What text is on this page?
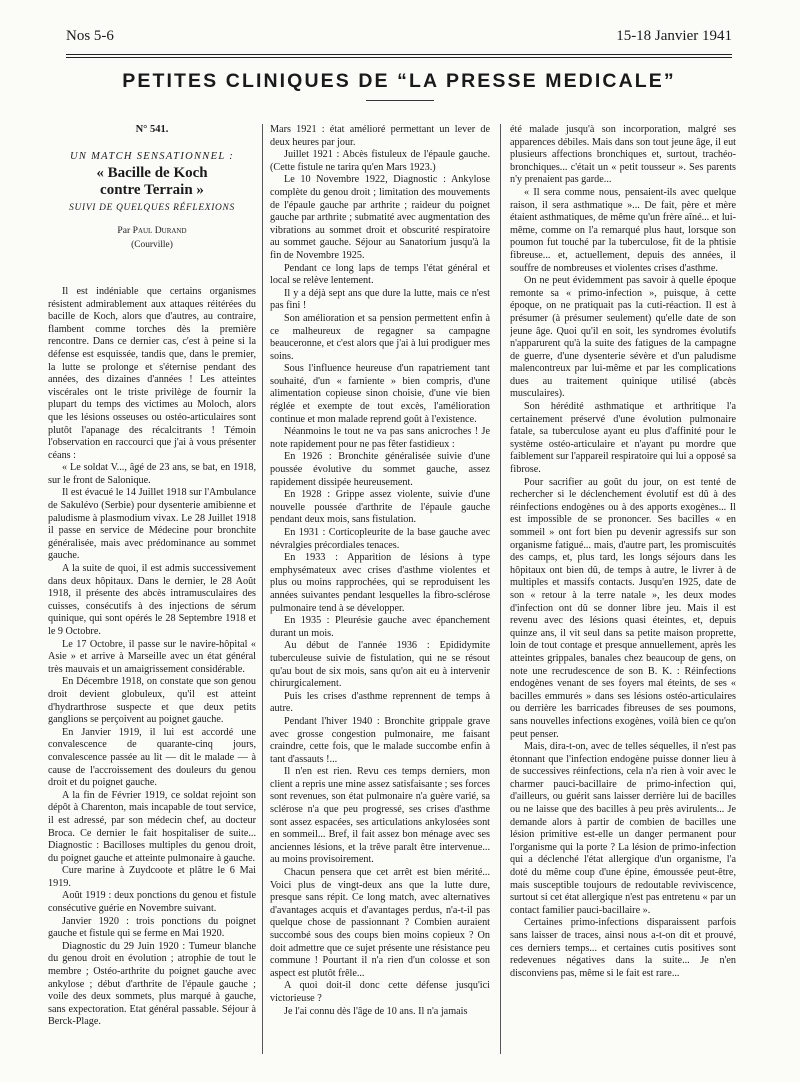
Nos 5-6	15-18 Janvier 1941
PETITES CLINIQUES DE “LA PRESSE MEDICALE”
N° 541.
UN MATCH SENSATIONNEL :
« Bacille de Koch
contre Terrain »
SUIVI DE QUELQUES RÉFLEXIONS
Par Paul Durand
(Courville)

Il est indéniable que certains organismes résistent admirablement aux attaques réitérées du bacille de Koch, alors que d'autres, au contraire, flambent comme torches dès la première rencontre. Dans ce dernier cas, c'est à peine si la défense est esquissée, tandis que, dans le premier, la lutte se prolonge et s'éternise pendant des années, des dizaines d'années ! Les atteintes viscérales ont le triste privilège de fournir la plupart du temps des victimes au Moloch, alors que les lésions osseuses ou ostéo-articulaires sont plutôt l'apanage des récalcitrants ! Témoin l'observation en raccourci que j'ai à vous présenter céans :

« Le soldat V..., âgé de 23 ans, se bat, en 1918, sur le front de Salonique.

Il est évacué le 14 Juillet 1918 sur l'Ambulance de Sakulévo (Serbie) pour dysenterie amibienne et paludisme à plasmodium vivax. Le 28 Juillet 1918 il passe en service de Médecine pour bronchite généralisée, mais avec prédominance au sommet gauche.

A la suite de quoi, il est admis successivement dans deux hôpitaux. Dans le dernier, le 28 Août 1918, il présente des abcès intramusculaires des cuisses, consécutifs à des injections de sérum quinique, qui sont opérés le 28 Septembre 1918 et le 9 Octobre.

Le 17 Octobre, il passe sur le navire-hôpital « Asie » et arrive à Marseille avec un état général très mauvais et un amaigrissement considérable.

En Décembre 1918, on constate que son genou droit devient globuleux, qu'il est atteint d'hydrarthrose suspecte et que deux petits ganglions se perçoivent au poignet gauche.

En Janvier 1919, il lui est accordé une convalescence de quarante-cinq jours, convalescence passée au lit — dit le malade — à cause de l'accroissement des douleurs du genou droit et du poignet gauche.

A la fin de Février 1919, ce soldat rejoint son dépôt à Charenton, mais incapable de tout service, il est adressé, par son médecin chef, au docteur Broca. Ce dernier le fait hospitaliser de suite... Diagnostic : Bacilloses multiples du genou droit, du poignet gauche et atteinte pulmonaire à gauche.

Cure marine à Zuydcoote et plâtre le 6 Mai 1919.

Août 1919 : deux ponctions du genou et fistule consécutive guérie en Novembre suivant.

Janvier 1920 : trois ponctions du poignet gauche et fistule qui se ferme en Mai 1920.

Diagnostic du 29 Juin 1920 : Tumeur blanche du genou droit en évolution ; atrophie de tout le membre ; Ostéo-arthrite du poignet gauche avec ankylose ; début d'arthrite de l'épaule gauche ; voile des deux sommets, plus marqué à gauche, sans expectoration. Etat général passable. Séjour à Berck-Plage.

Mars 1921 : état amélioré permettant un lever de deux heures par jour.

Juillet 1921 : Abcès fistuleux de l'épaule gauche. (Cette fistule ne tarira qu'en Mars 1923.)

Le 10 Novembre 1922, Diagnostic : Ankylose complète du genou droit ; limitation des mouvements de l'épaule gauche par arthrite ; raideur du poignet gauche par arthrite ; submatité avec augmentation des vibrations au sommet droit et obscurité respiratoire au sommet gauche. Séjour au Sanatorium jusqu'à la fin de Novembre 1925.

Pendant ce long laps de temps l'état général et local se relève lentement.

Il y a déjà sept ans que dure la lutte, mais ce n'est pas fini !

Son amélioration et sa pension permettent enfin à ce malheureux de regagner sa campagne beauceronne, et c'est alors que j'ai à lui prodiguer mes soins.

Sous l'influence heureuse d'un rapatriement tant souhaité, d'un « farniente » bien compris, d'une alimentation copieuse sinon choisie, d'une vie bien réglée et exempte de tout excès, l'amélioration continue et mon malade reprend goût à l'existence.

Néanmoins le tout ne va pas sans anicroches ! Je note rapidement pour ne pas fêter fastidieux :

En 1926 : Bronchite généralisée suivie d'une poussée évolutive du sommet gauche, assez rapidement dissipée heureusement.

En 1928 : Grippe assez violente, suivie d'une nouvelle poussée d'arthrite de l'épaule gauche pendant deux mois, sans fistulation.

En 1931 : Corticopleurite de la base gauche avec névralgies précordiales tenaces.

En 1933 : Apparition de lésions à type emphysémateux avec crises d'asthme violentes et plus ou moins rapprochées, qui se reproduisent les années suivantes pendant lesquelles la fibro-sclérose pulmonaire tend à se développer.

En 1935 : Pleurésie gauche avec épanchement durant un mois.

Au début de l'année 1936 : Epididymite tuberculeuse suivie de fistulation, qui ne se résout qu'au bout de six mois, sans qu'on ait eu à intervenir chirurgicalement.

Puis les crises d'asthme reprennent de temps à autre.

Pendant l'hiver 1940 : Bronchite grippale grave avec grosse congestion pulmonaire, me faisant craindre, cette fois, que le malade succombe enfin à tant d'assauts !...

Il n'en est rien. Revu ces temps derniers, mon client a repris une mine assez satisfaisante ; ses forces sont revenues, son état pulmonaire n'a guère varié, sa sclérose n'a que peu progressé, ses crises d'asthme sont assez espacées, ses articulations ankylosées sont en sommeil... Bref, il fait assez bon ménage avec ses anciennes lésions, et la trêve paralt être intervenue... au moins provisoirement.

Chacun pensera que cet arrêt est bien mérité... Voici plus de vingt-deux ans que la lutte dure, presque sans répit. Ce long match, avec alternatives d'avantages acquis et d'avantages perdus, n'a-t-il pas quelque chose de passionnant ? Combien auraient succombé sous des coups bien moins copieux ? On doit admettre que ce sujet présente une résistance peu commune ! Pourtant il n'a rien d'un colosse et son aspect est plutôt frêle...

A quoi doit-il donc cette défense jusqu'ici victorieuse ?

Je l'ai connu dès l'âge de 10 ans. Il n'a jamais

été malade jusqu'à son incorporation, malgré ses apparences débiles. Mais dans son tout jeune âge, il eut plusieurs affections bronchiques et, surtout, trachéo-bronchiques... c'était un « petit tousseur ». Ses parents n'y prenaient pas garde...

« Il sera comme nous, pensaient-ils avec quelque raison, il sera asthmatique »... De fait, père et mère étaient asthmatiques, de même qu'un frère aîné... et lui-même, comme on l'a remarqué plus haut, lorsque son poumon fut touché par la tuberculose, fit de la phtisie fibreuse... et, actuellement, depuis des années, il souffre de nombreuses et violentes crises d'asthme.

On ne peut évidemment pas savoir à quelle époque remonte sa « primo-infection », puisque, à cette époque, on ne pratiquait pas la cuti-réaction. Il est à présumer (à présumer seulement) qu'elle date de son jeune âge. Quoi qu'il en soit, les syndromes évolutifs n'apparurent qu'à la suite des fatigues de la campagne de guerre, d'une dysenterie sévère et d'un paludisme malencontreux par lui-même et par les complications dues au traitement quinique utilisé (abcès musculaires).

Son hérédité asthmatique et arthritique l'a certainement préservé d'une évolution pulmonaire fatale, sa tuberculose ayant eu plus d'affinité pour le système ostéo-articulaire et n'ayant pu mordre que faiblement sur l'appareil respiratoire qui lui a opposé sa fibrose.

Pour sacrifier au goût du jour, on est tenté de rechercher si le déclenchement évolutif est dû à des réinfections endogènes ou à des apports exogènes... Il est impossible de se prononcer. Ses bacilles « en sommeil » ont fort bien pu devenir agressifs sur son organisme fatigué... mais, d'autre part, les promiscuités des camps, et, plus tard, les longs séjours dans les hôpitaux ont bien dû, de temps à autre, le livrer à de multiples et massifs contacts. Jusqu'en 1925, date de son « retour à la terre natale », les deux modes d'infection ont dû se donner libre jeu. Mais il est revenu avec des lésions quasi éteintes, et, depuis quinze ans, il vit seul dans sa petite maison proprette, loin de tout contage et presque annuellement, après les atteintes grippales, banales chez beaucoup de gens, on note une recrudescence de son B. K. : Réinfections endogènes venant de ses foyers mal éteints, de ses « bacilles emmurés » dans ses lésions ostéo-articulaires ou derrière les barricades fibreuses de ses poumons, sans nouvelles infections exogènes, voilà bien ce qu'on peut penser.

Mais, dira-t-on, avec de telles séquelles, il n'est pas étonnant que l'infection endogène puisse donner lieu à de successives réinfections, cela n'a rien à voir avec le charmer pauci-bacillaire de primo-infection qui, d'ailleurs, ou guérit sans laisser derrière lui de bacilles ou ne laisse que des bacilles à peu près avirulents... Je demande alors à partir de combien de bacilles une lésion primitive est-elle un danger permanent pour l'organisme qui la porte ? La lésion de primo-infection qui a déclenché l'état allergique d'un organisme, l'a doté du même coup d'une épine, émoussée peut-être, mais susceptible toujours de redoutable reviviscence, surtout si cet état allergique n'est pas entretenu « par un contact familier pauci-bacillaire ».

Certaines primo-infections disparaissent parfois sans laisser de traces, ainsi nous a-t-on dit et prouvé, ces derniers temps... et certaines cutis positives sont redevenues négatives dans la suite... Je n'en disconviens pas, même si le fait est rare...
